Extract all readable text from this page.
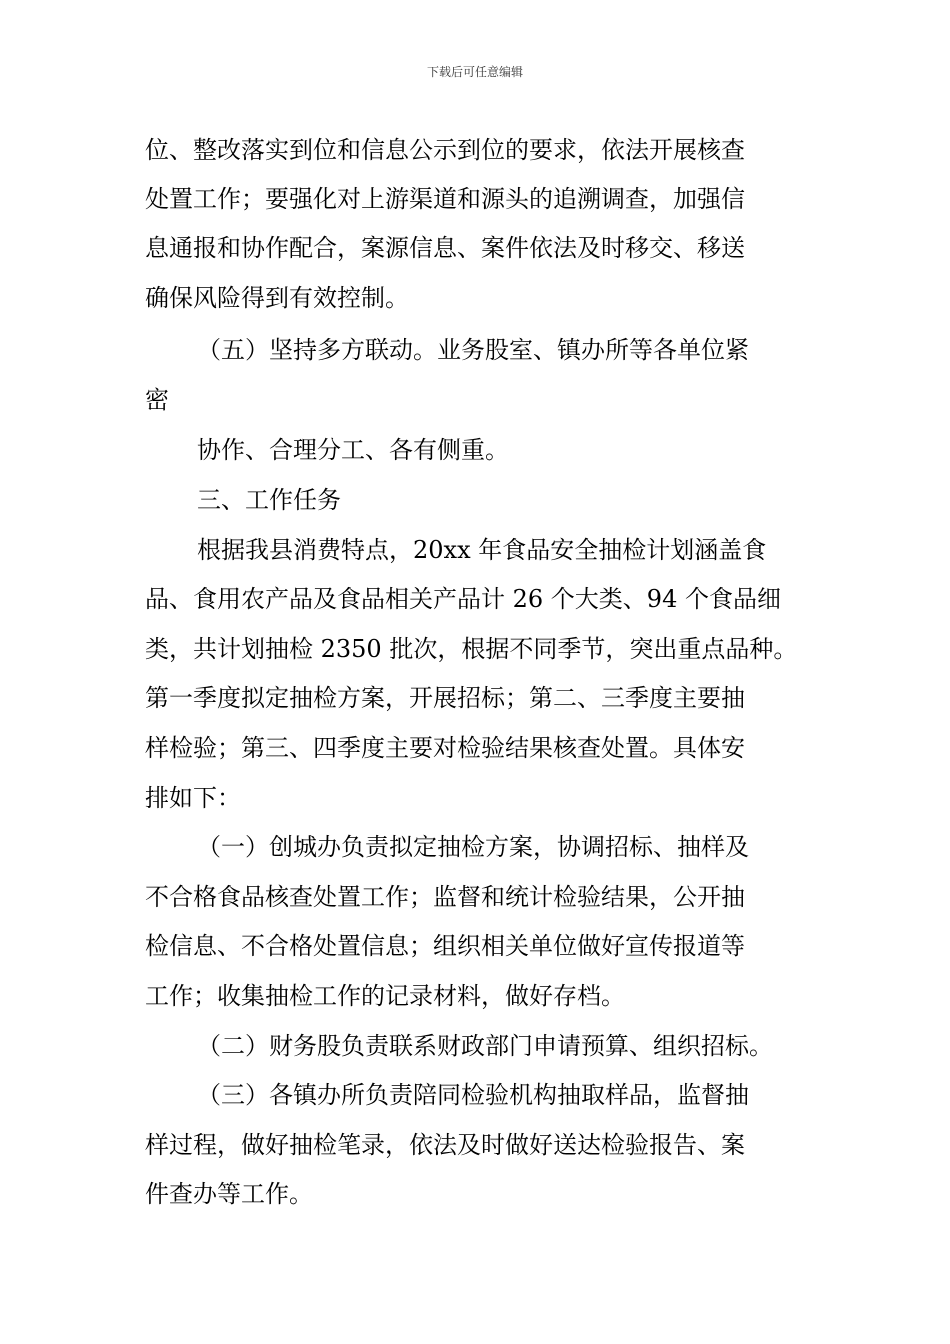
下载后可任意编辑
位、整改落实到位和信息公示到位的要求，依法开展核查
处置工作；要强化对上游渠道和源头的追溯调查，加强信
息通报和协作配合，案源信息、案件依法及时移交、移送
确保风险得到有效控制。
（五）坚持多方联动。业务股室、镇办所等各单位紧
密
协作、合理分工、各有侧重。
三、工作任务
根据我县消费特点，20xx 年食品安全抽检计划涵盖食
品、食用农产品及食品相关产品计 26 个大类、94 个食品细
类，共计划抽检 2350 批次，根据不同季节，突出重点品种。
第一季度拟定抽检方案，开展招标；第二、三季度主要抽
样检验；第三、四季度主要对检验结果核查处置。具体安
排如下：
（一）创城办负责拟定抽检方案，协调招标、抽样及
不合格食品核查处置工作；监督和统计检验结果，公开抽
检信息、不合格处置信息；组织相关单位做好宣传报道等
工作；收集抽检工作的记录材料，做好存档。
（二）财务股负责联系财政部门申请预算、组织招标。
（三）各镇办所负责陪同检验机构抽取样品，监督抽
样过程，做好抽检笔录，依法及时做好送达检验报告、案
件查办等工作。
